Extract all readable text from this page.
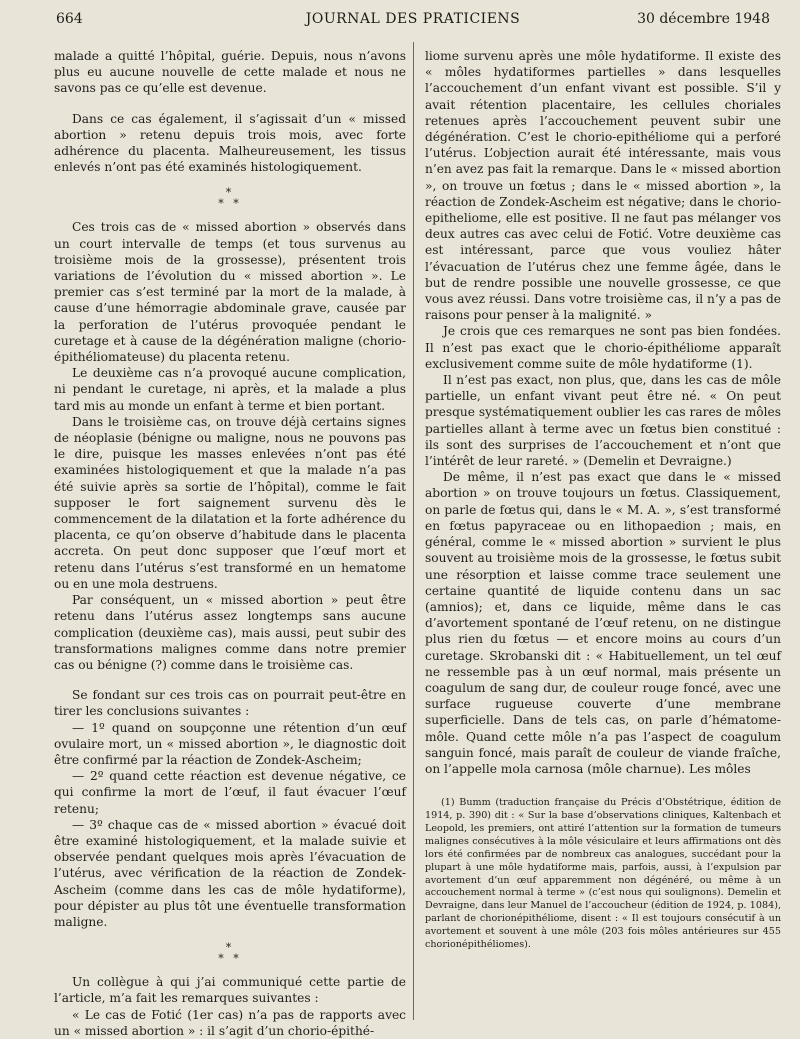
664	JOURNAL DES PRATICIENS	30 décembre 1948

malade a quitté l’hôpital, guérie. Depuis, nous n’avons plus eu aucune nouvelle de cette malade et nous ne savons pas ce qu’elle est devenue.

Dans ce cas également, il s’agissait d’un « missed abortion » retenu depuis trois mois, avec forte adhérence du placenta. Malheureusement, les tissus enlevés n’ont pas été examinés histologiquement.

*
* *

Ces trois cas de « missed abortion » observés dans un court intervalle de temps (et tous survenus au troisième mois de la grossesse), présentent trois variations de l’évolution du « missed abortion ». Le premier cas s’est terminé par la mort de la malade, à cause d’une hémorragie abdominale grave, causée par la perforation de l’utérus provoquée pendant le curetage et à cause de la dégénération maligne (chorio-épithéliomateuse) du placenta retenu.

Le deuxième cas n’a provoqué aucune complication, ni pendant le curetage, ni après, et la malade a plus tard mis au monde un enfant à terme et bien portant.

Dans le troisième cas, on trouve déjà certains signes de néoplasie (bénigne ou maligne, nous ne pouvons pas le dire, puisque les masses enlevées n’ont pas été examinées histologiquement et que la malade n’a pas été suivie après sa sortie de l’hôpital), comme le fait supposer le fort saignement survenu dès le commencement de la dilatation et la forte adhérence du placenta, ce qu’on observe d’habitude dans le placenta accreta. On peut donc supposer que l’œuf mort et retenu dans l’utérus s’est transformé en un hematome ou en une mola destruens.

Par conséquent, un « missed abortion » peut être retenu dans l’utérus assez longtemps sans aucune complication (deuxième cas), mais aussi, peut subir des transformations malignes comme dans notre premier cas ou bénigne (?) comme dans le troisième cas.

Se fondant sur ces trois cas on pourrait peut-être en tirer les conclusions suivantes :

— 1º quand on soupçonne une rétention d’un œuf ovulaire mort, un « missed abortion », le diagnostic doit être confirmé par la réaction de Zondek-Ascheim;

— 2º quand cette réaction est devenue négative, ce qui confirme la mort de l’œuf, il faut évacuer l’œuf retenu;

— 3º chaque cas de « missed abortion » évacué doit être examiné histologiquement, et la malade suivie et observée pendant quelques mois après l’évacuation de l’utérus, avec vérification de la réaction de Zondek-Ascheim (comme dans les cas de môle hydatiforme), pour dépister au plus tôt une éventuelle transformation maligne.

*
* *

Un collègue à qui j’ai communiqué cette partie de l’article, m’a fait les remarques suivantes :

« Le cas de Fotić (1er cas) n’a pas de rapports avec un « missed abortion » : il s’agit d’un chorio-épithé-

liome survenu après une môle hydatiforme. Il existe des « môles hydatiformes partielles » dans lesquelles l’accouchement d’un enfant vivant est possible. S’il y avait rétention placentaire, les cellules choriales retenues après l’accouchement peuvent subir une dégénération. C’est le chorio-epithéliome qui a perforé l’utérus. L’objection aurait été intéressante, mais vous n’en avez pas fait la remarque. Dans le « missed abortion », on trouve un fœtus ; dans le « missed abortion », la réaction de Zondek-Ascheim est négative; dans le chorio-epitheliome, elle est positive. Il ne faut pas mélanger vos deux autres cas avec celui de Fotić. Votre deuxième cas est intéressant, parce que vous vouliez hâter l’évacuation de l’utérus chez une femme âgée, dans le but de rendre possible une nouvelle grossesse, ce que vous avez réussi. Dans votre troisième cas, il n’y a pas de raisons pour penser à la malignité. »

Je crois que ces remarques ne sont pas bien fondées. Il n’est pas exact que le chorio-épithéliome apparaît exclusivement comme suite de môle hydatiforme (1).

Il n’est pas exact, non plus, que, dans les cas de môle partielle, un enfant vivant peut être né. « On peut presque systématiquement oublier les cas rares de môles partielles allant à terme avec un fœtus bien constitué : ils sont des surprises de l’accouchement et n’ont que l’intérêt de leur rareté. » (Demelin et Devraigne.)

De même, il n’est pas exact que dans le « missed abortion » on trouve toujours un fœtus. Classiquement, on parle de fœtus qui, dans le « M. A. », s’est transformé en fœtus papyraceae ou en lithopaedion ; mais, en général, comme le « missed abortion » survient le plus souvent au troisième mois de la grossesse, le fœtus subit une résorption et laisse comme trace seulement une certaine quantité de liquide contenu dans un sac (amnios); et, dans ce liquide, même dans le cas d’avortement spontané de l’œuf retenu, on ne distingue plus rien du fœtus — et encore moins au cours d’un curetage. Skrobanski dit : « Habituellement, un tel œuf ne ressemble pas à un œuf normal, mais présente un coagulum de sang dur, de couleur rouge foncé, avec une surface rugueuse couverte d’une membrane superficielle. Dans de tels cas, on parle d’hématome-môle. Quand cette môle n’a pas l’aspect de coagulum sanguin foncé, mais paraît de couleur de viande fraîche, on l’appelle mola carnosa (môle charnue). Les môles

(1) Bumm (traduction française du Précis d’Obstétrique, édition de 1914, p. 390) dit : « Sur la base d’observations cliniques, Kaltenbach et Leopold, les premiers, ont attiré l’attention sur la formation de tumeurs malignes consécutives à la môle vésiculaire et leurs affirmations ont dès lors été confirmées par de nombreux cas analogues, succédant pour la plupart à une môle hydatiforme mais, parfois, aussi, à l’expulsion par avortement d’un œuf apparemment non dégénéré, ou même à un accouchement normal à terme » (c’est nous qui soulignons). Demelin et Devraigne, dans leur Manuel de l’accoucheur (édition de 1924, p. 1084), parlant de chorionépithéliome, disent : « Il est toujours consécutif à un avortement et souvent à une môle (203 fois môles antérieures sur 455 chorionépithéliomes).
